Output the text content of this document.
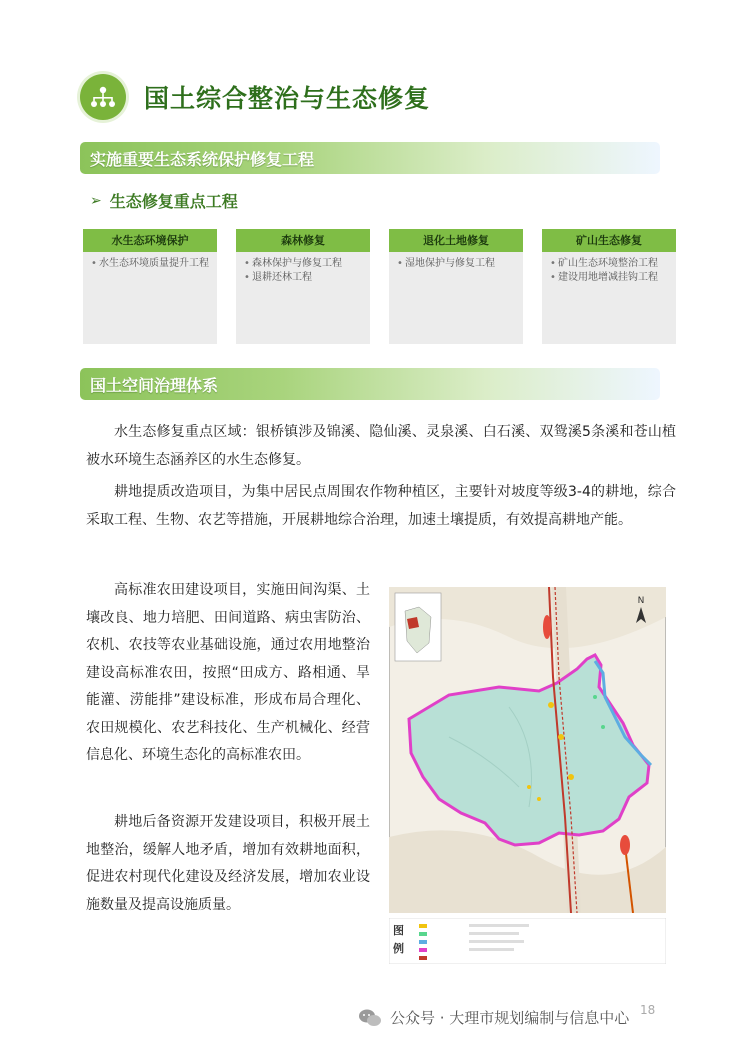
国土综合整治与生态修复
实施重要生态系统保护修复工程
➢ 生态修复重点工程
水生态环境保护
• 水生态环境质量提升工程
森林修复
• 森林保护与修复工程
• 退耕还林工程
退化土地修复
• 湿地保护与修复工程
矿山生态修复
• 矿山生态环境整治工程
• 建设用地增减挂钩工程
国土空间治理体系

水生态修复重点区域：银桥镇涉及锦溪、隐仙溪、灵泉溪、白石溪、双鸳溪5条溪和苍山植被水环境生态涵养区的水生态修复。

耕地提质改造项目，为集中居民点周围农作物种植区，主要针对坡度等级3-4的耕地，综合采取工程、生物、农艺等措施，开展耕地综合治理，加速土壤提质，有效提高耕地产能。

高标准农田建设项目，实施田间沟渠、土壤改良、地力培肥、田间道路、病虫害防治、农机、农技等农业基础设施，通过农用地整治建设高标准农田，按照“田成方、路相通、旱能灌、涝能排”建设标准，形成布局合理化、农田规模化、农艺科技化、生产机械化、经营信息化、环境生态化的高标准农田。

耕地后备资源开发建设项目，积极开展土地整治，缓解人地矛盾，增加有效耕地面积，促进农村现代化建设及经济发展，增加农业设施数量及提高设施质量。

N
图例
公众号 · 大理市规划编制与信息中心 18
